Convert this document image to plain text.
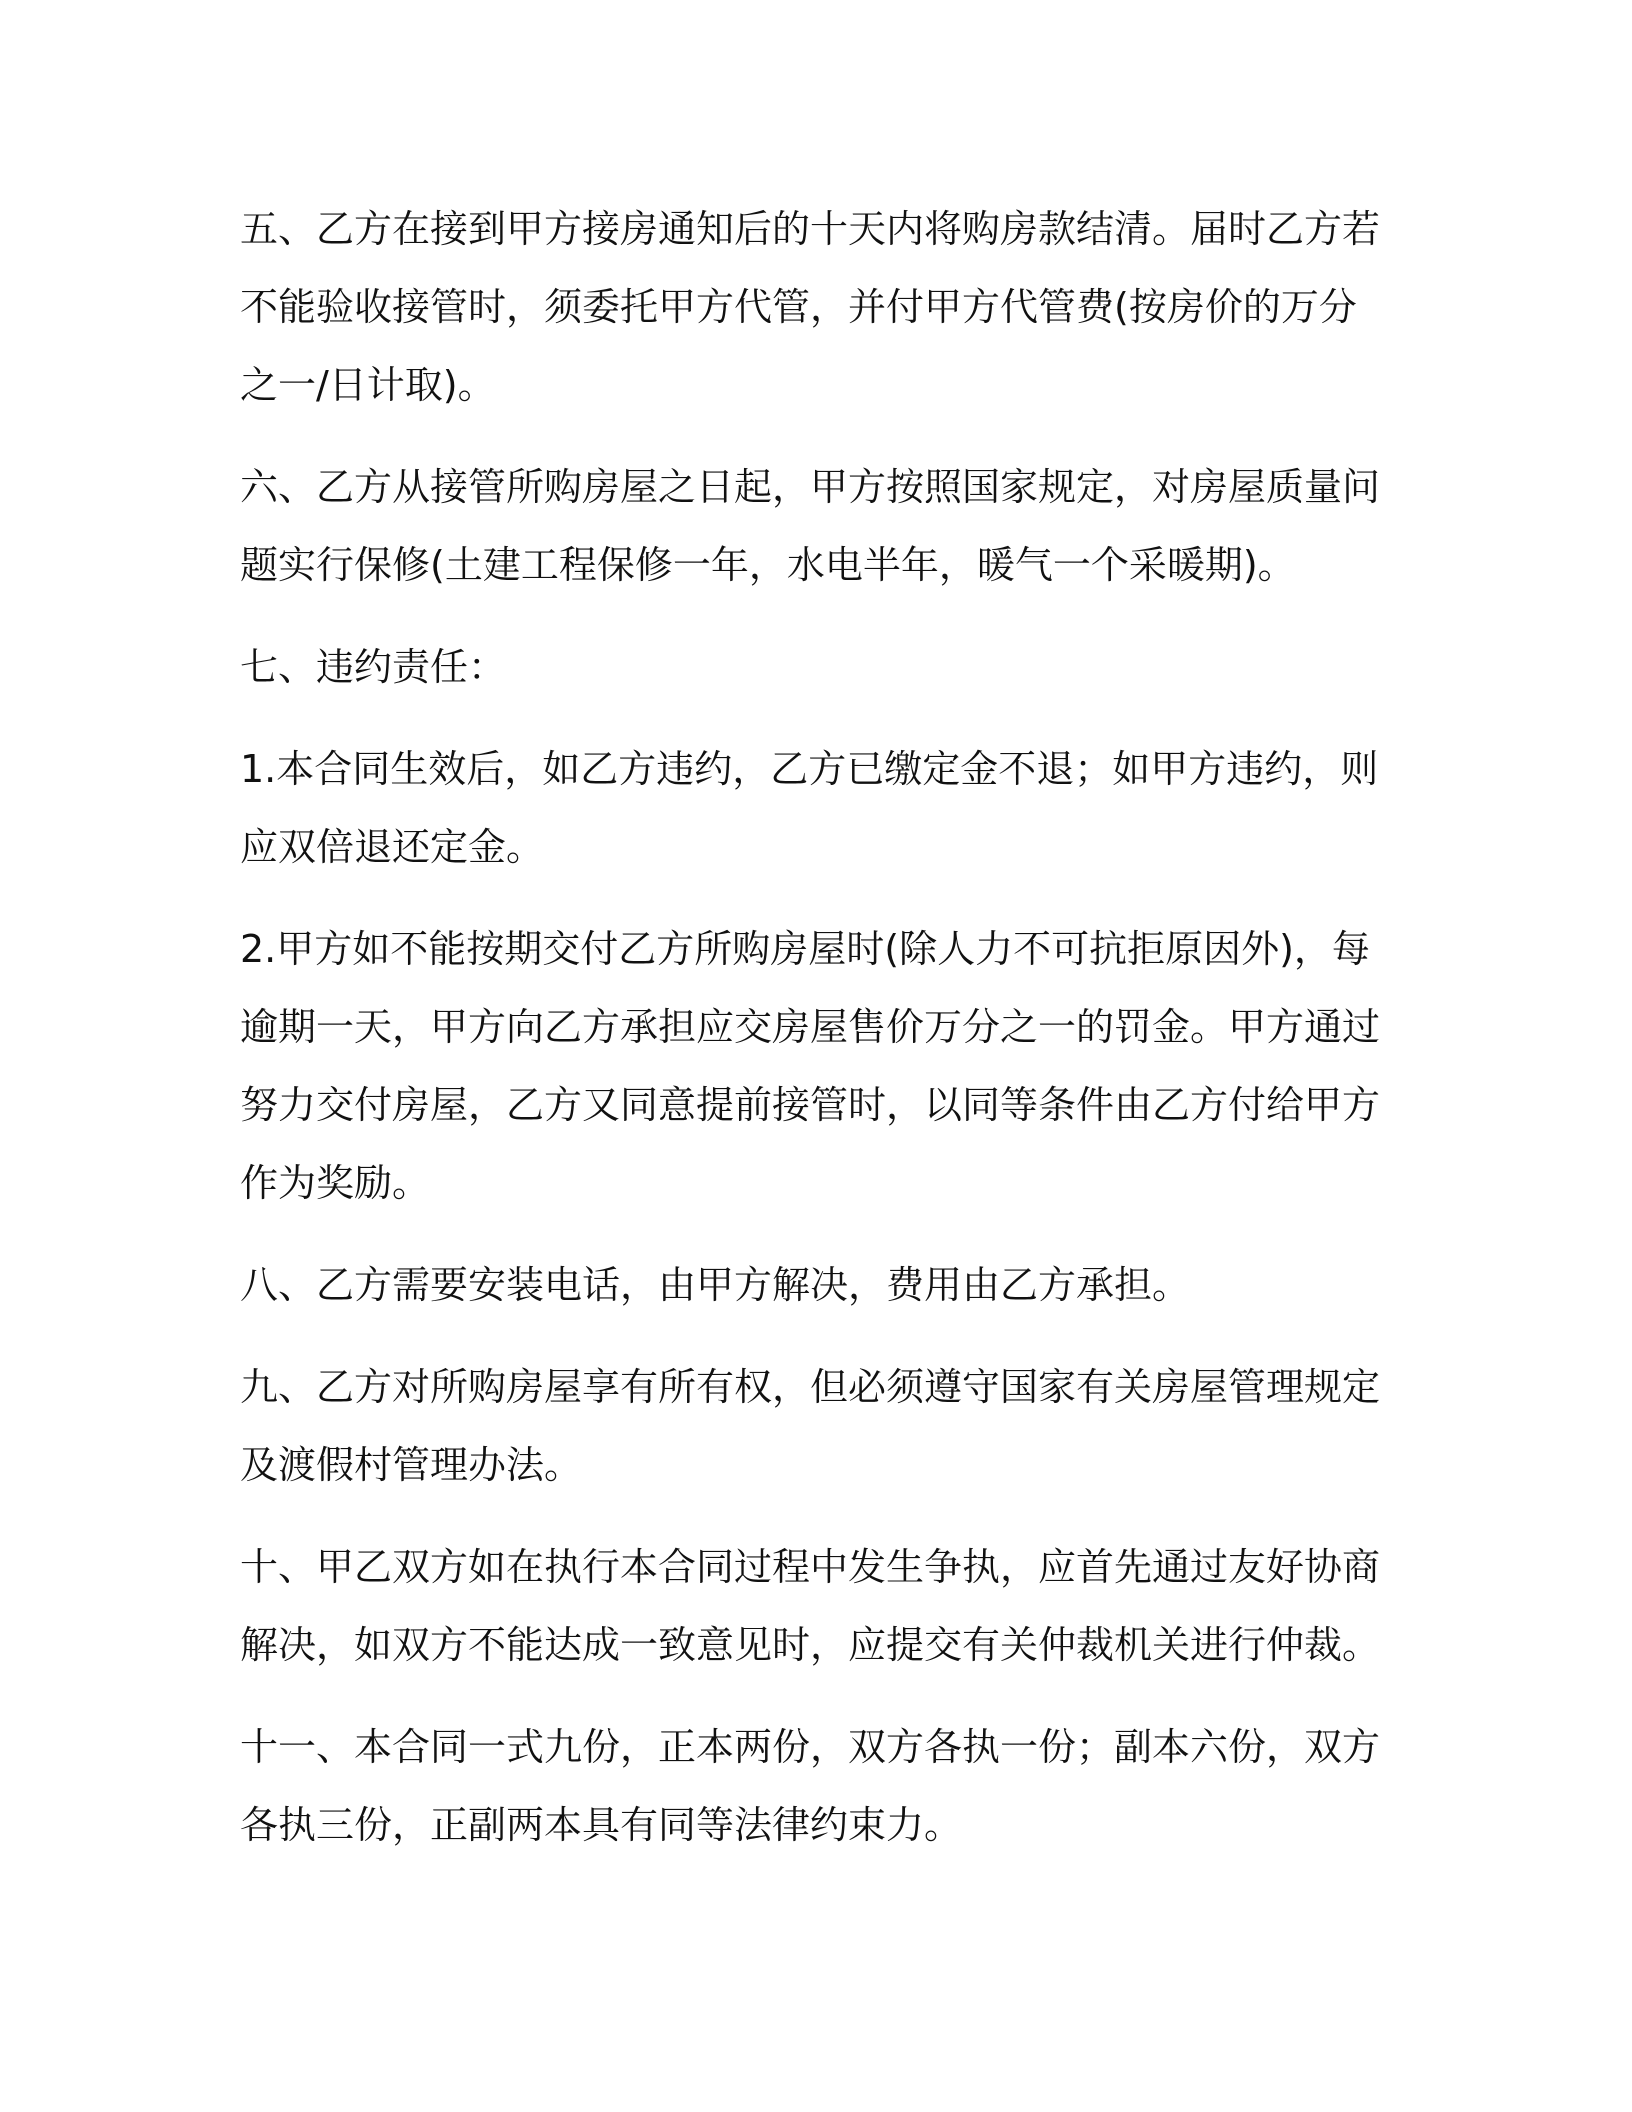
五、乙方在接到甲方接房通知后的十天内将购房款结清。届时乙方若不能验收接管时，须委托甲方代管，并付甲方代管费(按房价的万分之一/日计取)。

六、乙方从接管所购房屋之日起，甲方按照国家规定，对房屋质量问题实行保修(土建工程保修一年，水电半年，暖气一个采暖期)。

七、违约责任：

1.本合同生效后，如乙方违约，乙方已缴定金不退；如甲方违约，则应双倍退还定金。

2.甲方如不能按期交付乙方所购房屋时(除人力不可抗拒原因外)，每逾期一天，甲方向乙方承担应交房屋售价万分之一的罚金。甲方通过努力交付房屋，乙方又同意提前接管时，以同等条件由乙方付给甲方作为奖励。

八、乙方需要安装电话，由甲方解决，费用由乙方承担。

九、乙方对所购房屋享有所有权，但必须遵守国家有关房屋管理规定及渡假村管理办法。

十、甲乙双方如在执行本合同过程中发生争执，应首先通过友好协商解决，如双方不能达成一致意见时，应提交有关仲裁机关进行仲裁。

十一、本合同一式九份，正本两份，双方各执一份；副本六份，双方各执三份，正副两本具有同等法律约束力。
